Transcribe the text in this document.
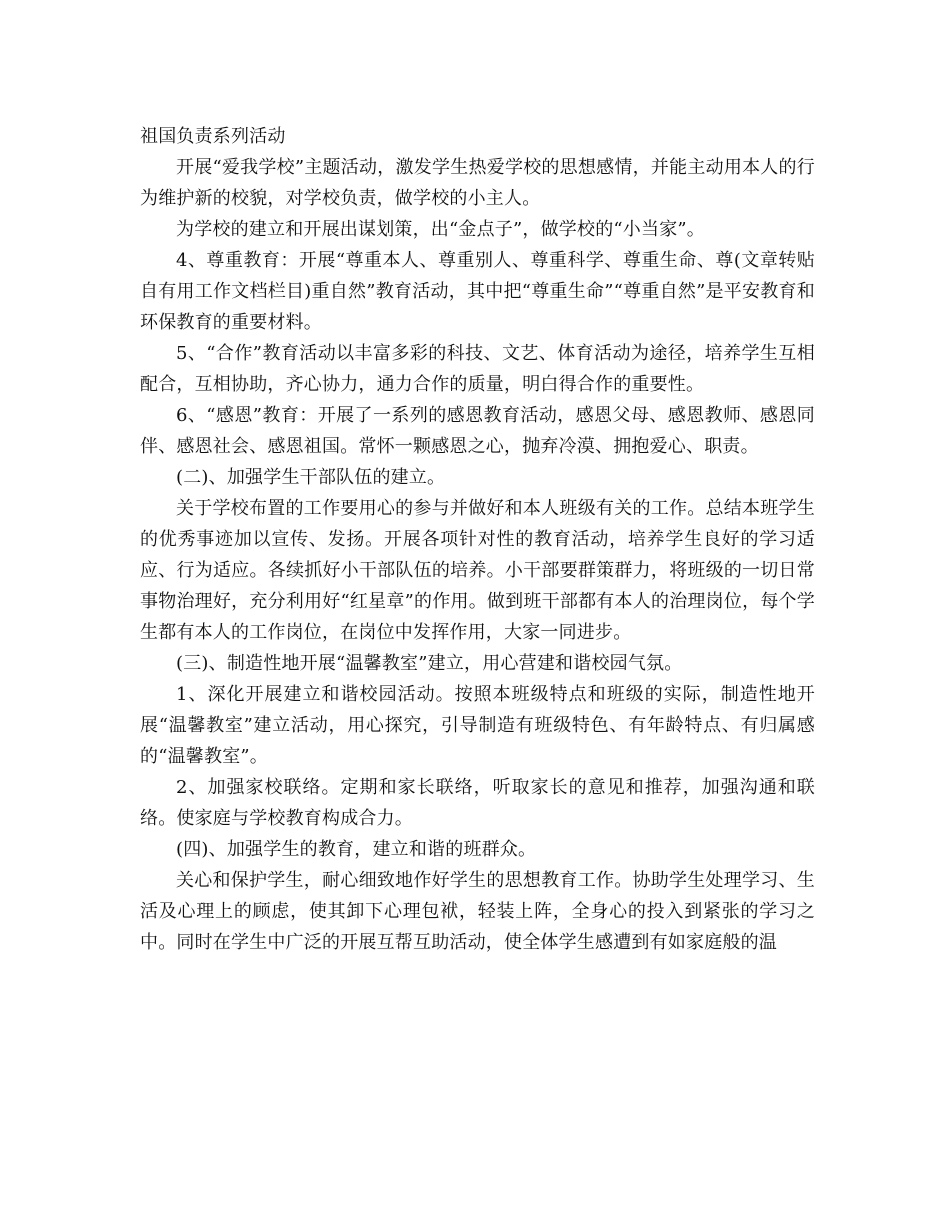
祖国负责系列活动

开展“爱我学校”主题活动，激发学生热爱学校的思想感情，并能主动用本人的行为维护新的校貌，对学校负责，做学校的小主人。

为学校的建立和开展出谋划策，出“金点子”，做学校的“小当家”。

4、尊重教育：开展“尊重本人、尊重别人、尊重科学、尊重生命、尊(文章转贴自有用工作文档栏目)重自然”教育活动，其中把“尊重生命”“尊重自然”是平安教育和环保教育的重要材料。

5、“合作”教育活动以丰富多彩的科技、文艺、体育活动为途径，培养学生互相配合，互相协助，齐心协力，通力合作的质量，明白得合作的重要性。

6、“感恩”教育：开展了一系列的感恩教育活动，感恩父母、感恩教师、感恩同伴、感恩社会、感恩祖国。常怀一颗感恩之心，抛弃冷漠、拥抱爱心、职责。

(二)、加强学生干部队伍的建立。

关于学校布置的工作要用心的参与并做好和本人班级有关的工作。总结本班学生的优秀事迹加以宣传、发扬。开展各项针对性的教育活动，培养学生良好的学习适应、行为适应。各续抓好小干部队伍的培养。小干部要群策群力，将班级的一切日常事物治理好，充分利用好“红星章”的作用。做到班干部都有本人的治理岗位，每个学生都有本人的工作岗位，在岗位中发挥作用，大家一同进步。

(三)、制造性地开展“温馨教室”建立，用心营建和谐校园气氛。

1、深化开展建立和谐校园活动。按照本班级特点和班级的实际，制造性地开展“温馨教室”建立活动，用心探究，引导制造有班级特色、有年龄特点、有归属感的“温馨教室”。

2、加强家校联络。定期和家长联络，听取家长的意见和推荐，加强沟通和联络。使家庭与学校教育构成合力。

(四)、加强学生的教育，建立和谐的班群众。

关心和保护学生，耐心细致地作好学生的思想教育工作。协助学生处理学习、生活及心理上的顾虑，使其卸下心理包袱，轻装上阵，全身心的投入到紧张的学习之中。同时在学生中广泛的开展互帮互助活动，使全体学生感遭到有如家庭般的温
